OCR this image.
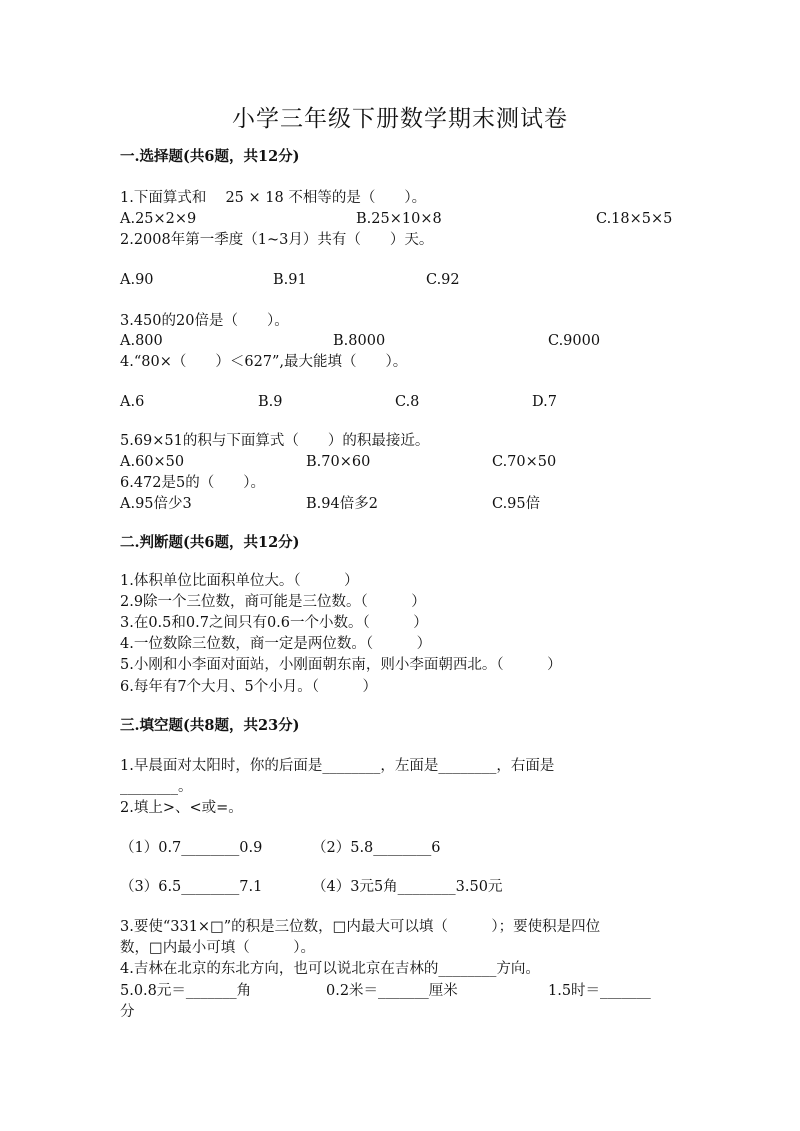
小学三年级下册数学期末测试卷
一.选择题(共6题，共12分)
1.下面算式和　 25 × 18 不相等的是（　　）。
A.25×2×9	B.25×10×8	C.18×5×5
2.2008年第一季度（1~3月）共有（　　）天。
A.90	B.91	C.92
3.450的20倍是（　　）。
A.800	B.8000	C.9000
4.“80×（　　）＜627”,最大能填（　　）。
A.6	B.9	C.8	D.7
5.69×51的积与下面算式（　　）的积最接近。
A.60×50	B.70×60	C.70×50
6.472是5的（　　）。
A.95倍少3	B.94倍多2	C.95倍
二.判断题(共6题，共12分)
1.体积单位比面积单位大。（　　　）
2.9除一个三位数，商可能是三位数。（　　　）
3.在0.5和0.7之间只有0.6一个小数。（　　　）
4.一位数除三位数，商一定是两位数。（　　　）
5.小刚和小李面对面站，小刚面朝东南，则小李面朝西北。（　　　）
6.每年有7个大月、5个小月。（　　　）
三.填空题(共8题，共23分)
1.早晨面对太阳时，你的后面是________，左面是________，右面是
________。
2.填上>、<或=。
（1）0.7________0.9	（2）5.8________6
（3）6.5________7.1	（4）3元5角________3.50元
3.要使“331×□”的积是三位数，□内最大可以填（　　　）；要使积是四位
数，□内最小可填（　　　）。
4.吉林在北京的东北方向，也可以说北京在吉林的________方向。
5.0.8元＝_______角	0.2米＝_______厘米	1.5时＝_______
分
